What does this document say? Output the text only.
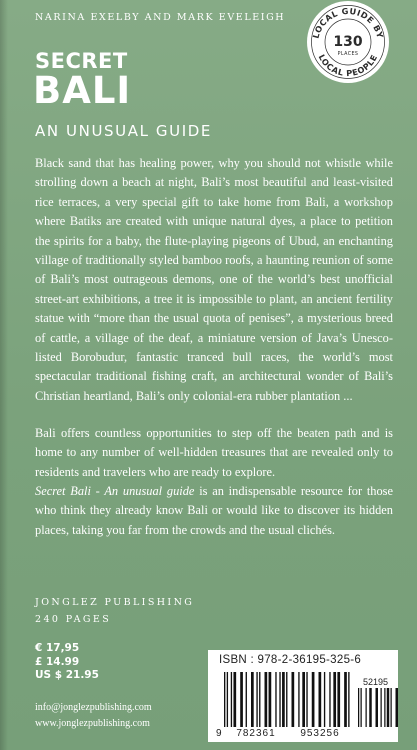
NARINA EXELBY AND MARK EVELEIGH
SECRET
BALI
AN UNUSUAL GUIDE
LOCAL GUIDE BY
LOCAL PEOPLE
130
PLACES
Black sand that has healing power, why you should not whistle while strolling down a beach at night, Bali’s most beautiful and least-visited rice terraces, a very special gift to take home from Bali, a workshop where Batiks are created with unique natural dyes, a place to petition the spirits for a baby, the flute-playing pigeons of Ubud, an enchanting village of traditionally styled bamboo roofs, a haunting reunion of some of Bali’s most outrageous demons, one of the world’s best unofficial street-art exhibitions, a tree it is impossible to plant, an ancient fertility statue with “more than the usual quota of penises”, a mysterious breed of cattle, a village of the deaf, a miniature version of Java’s Unesco-listed Borobudur, fantastic tranced bull races, the world’s most spectacular traditional fishing craft, an architectural wonder of Bali’s Christian heartland, Bali’s only colonial-era rubber plantation ...
Bali offers countless opportunities to step off the beaten path and is home to any number of well-hidden treasures that are revealed only to residents and travelers who are ready to explore.
Secret Bali - An unusual guide is an indispensable resource for those who think they already know Bali or would like to discover its hidden places, taking you far from the crowds and the usual clichés.
JONGLEZ PUBLISHING
240 PAGES
€ 17,95
£ 14.99
US $ 21.95
info@jonglezpublishing.com
www.jonglezpublishing.com
ISBN : 978-2-36195-325-6
9 782361 953256
52195
